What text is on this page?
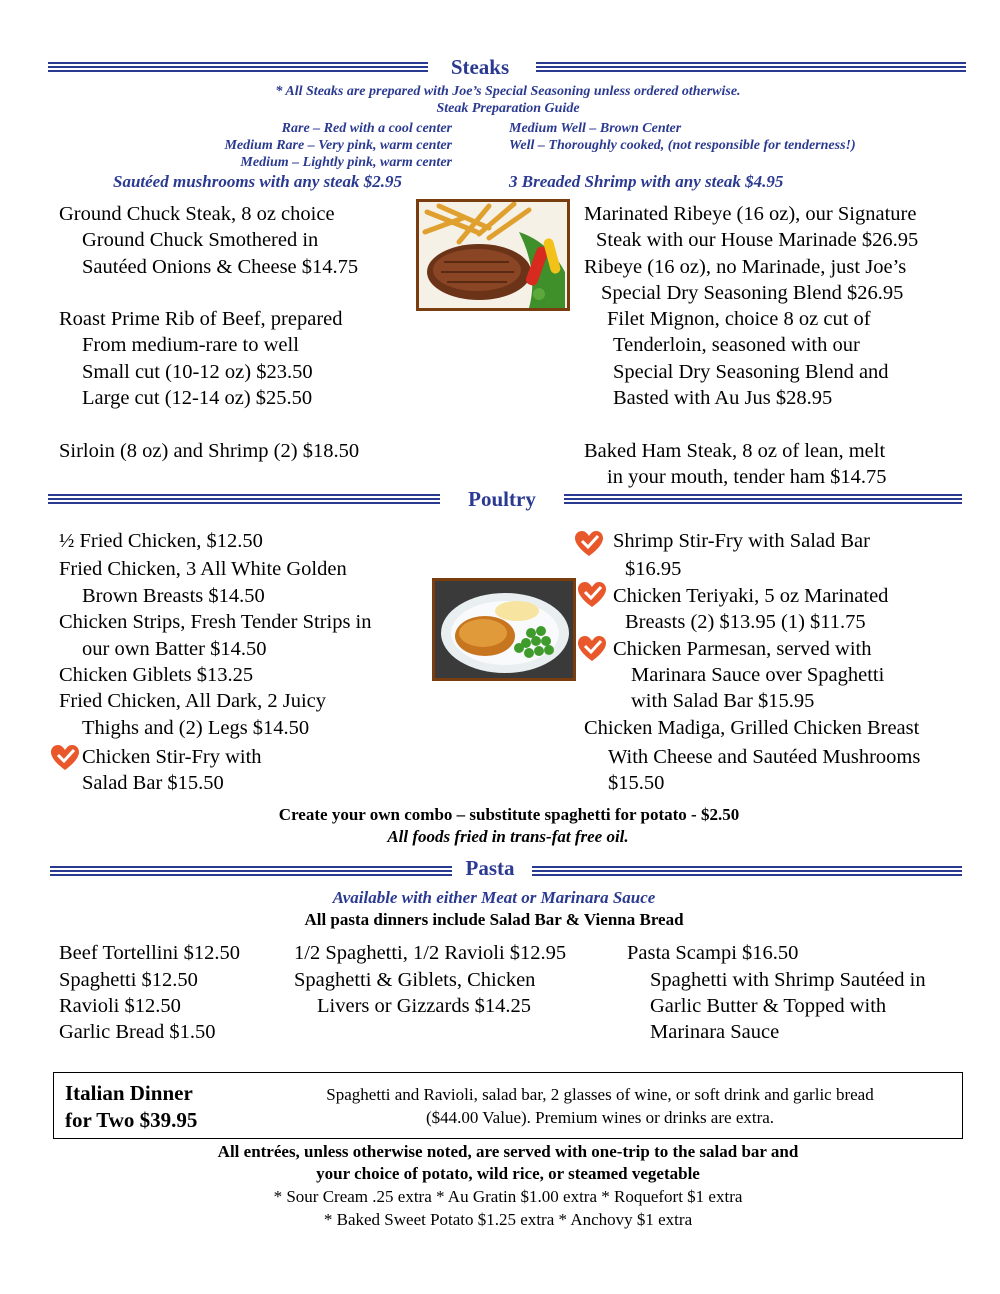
Steaks
* All Steaks are prepared with Joe’s Special Seasoning unless ordered otherwise.
Steak Preparation Guide
Rare – Red with a cool center
Medium Rare – Very pink, warm center
Medium – Lightly pink, warm center
Medium Well – Brown Center
Well – Thoroughly cooked, (not responsible for tenderness!)
Sautéed mushrooms with any steak $2.95	3 Breaded Shrimp with any steak $4.95
Ground Chuck Steak, 8 oz choice
Ground Chuck Smothered in
Sautéed Onions & Cheese $14.75
Roast Prime Rib of Beef, prepared
From medium-rare to well
Small cut (10-12 oz) $23.50
Large cut (12-14 oz) $25.50
Sirloin (8 oz) and Shrimp (2) $18.50
Marinated Ribeye (16 oz), our Signature
Steak with our House Marinade $26.95
Ribeye (16 oz), no Marinade, just Joe’s
Special Dry Seasoning Blend $26.95
Filet Mignon, choice 8 oz cut of
Tenderloin, seasoned with our
Special Dry Seasoning Blend and
Basted with Au Jus $28.95
Baked Ham Steak, 8 oz of lean, melt
in your mouth, tender ham $14.75
Poultry
½ Fried Chicken, $12.50
Fried Chicken, 3 All White Golden
Brown Breasts $14.50
Chicken Strips, Fresh Tender Strips in
our own Batter $14.50
Chicken Giblets $13.25
Fried Chicken, All Dark, 2 Juicy
Thighs and (2) Legs $14.50
Chicken Stir-Fry with
Salad Bar $15.50
Shrimp Stir-Fry with Salad Bar
$16.95
Chicken Teriyaki, 5 oz Marinated
Breasts (2) $13.95 (1) $11.75
Chicken Parmesan, served with
Marinara Sauce over Spaghetti
with Salad Bar $15.95
Chicken Madiga, Grilled Chicken Breast
With Cheese and Sautéed Mushrooms
$15.50
Create your own combo – substitute spaghetti for potato - $2.50
All foods fried in trans-fat free oil.
Pasta
Available with either Meat or Marinara Sauce
All pasta dinners include Salad Bar & Vienna Bread
Beef Tortellini $12.50
Spaghetti $12.50
Ravioli $12.50
Garlic Bread $1.50
1/2 Spaghetti, 1/2 Ravioli $12.95
Spaghetti & Giblets, Chicken
Livers or Gizzards $14.25
Pasta Scampi $16.50
Spaghetti with Shrimp Sautéed in
Garlic Butter & Topped with
Marinara Sauce
Italian Dinner
for Two $39.95
Spaghetti and Ravioli, salad bar, 2 glasses of wine, or soft drink and garlic bread
($44.00 Value). Premium wines or drinks are extra.
All entrées, unless otherwise noted, are served with one-trip to the salad bar and
your choice of potato, wild rice, or steamed vegetable
* Sour Cream .25 extra * Au Gratin $1.00 extra * Roquefort $1 extra
* Baked Sweet Potato $1.25 extra * Anchovy $1 extra
